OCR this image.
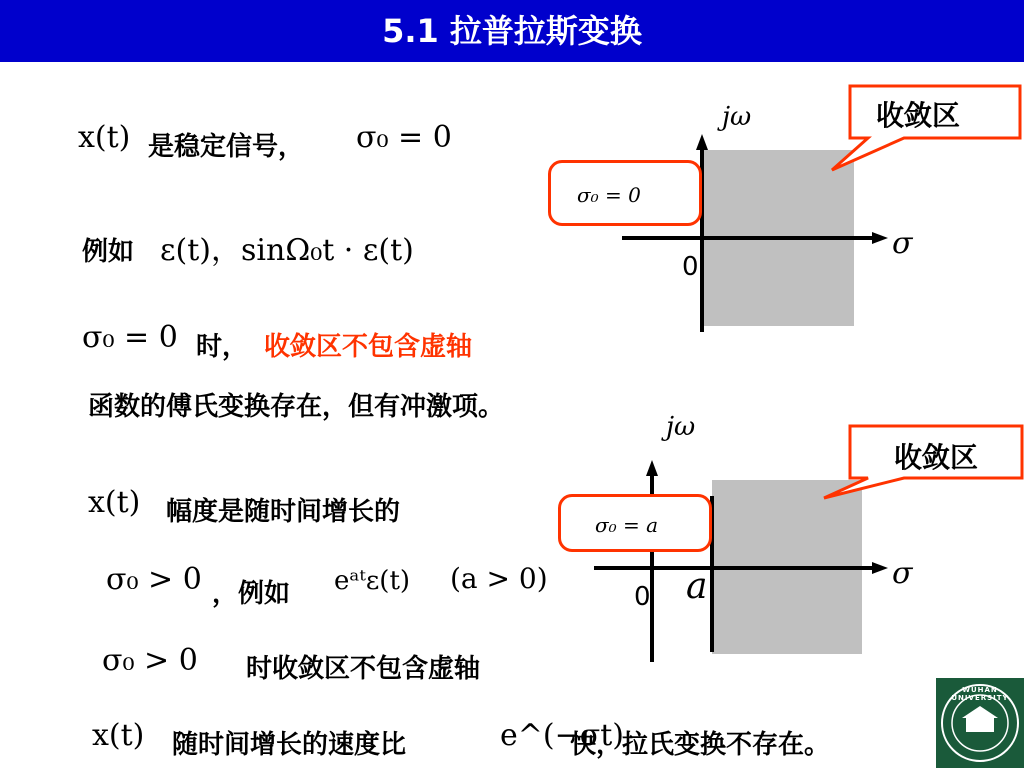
5.1 拉普拉斯变换
x(t) 是稳定信号， σ₀ = 0
例如 ε(t)，sinΩ₀t · ε(t)
σ₀ = 0 时， 收敛区不包含虚轴
函数的傅氏变换存在，但有冲激项。
x(t) 幅度是随时间增长的
σ₀ > 0 ，例如 eᵃᵗε(t) (a > 0)
σ₀ > 0 时收敛区不包含虚轴
x(t) 随时间增长的速度比	e^(−σt)
快，拉氏变换不存在。
jω
σ
0
σ₀ = 0
收敛区
jω
σ
0 a
σ₀ = a
收敛区
WUHAN UNIVERSITY
